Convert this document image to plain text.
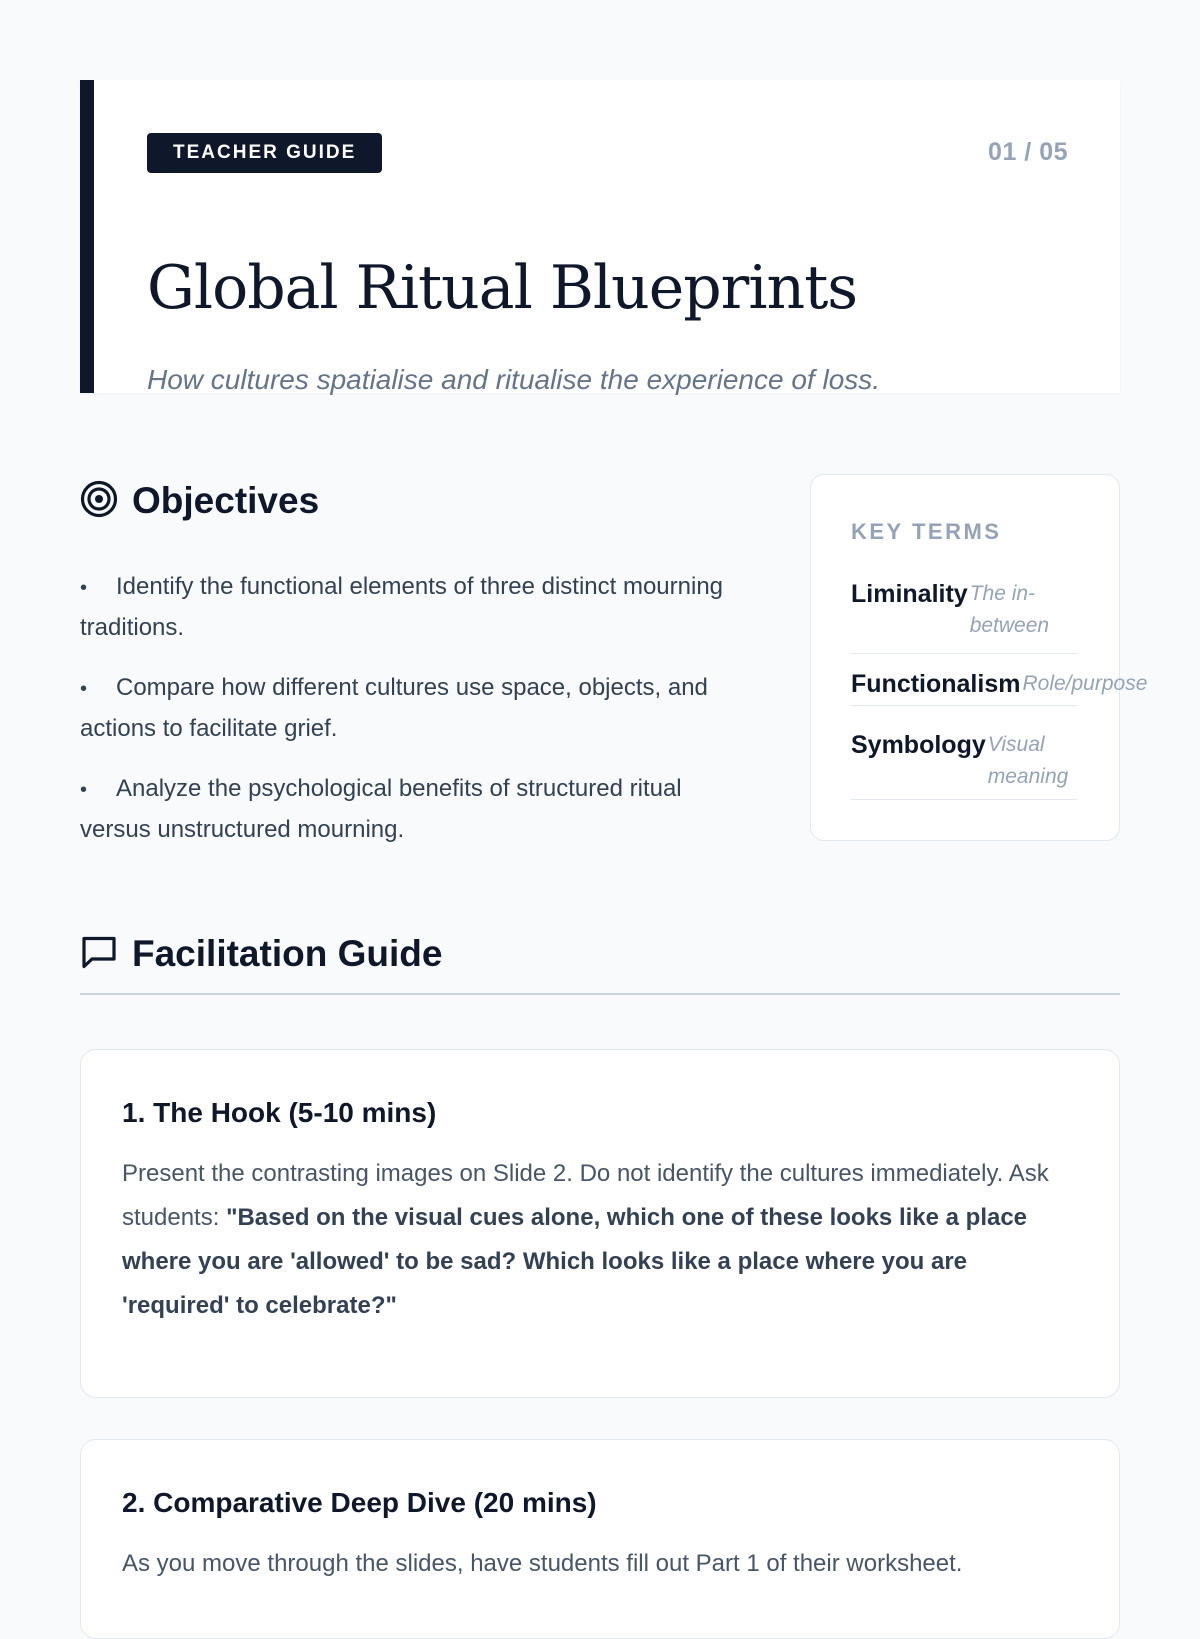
TEACHER GUIDE	01 / 05
Global Ritual Blueprints

How cultures spatialise and ritualise the experience of loss.

Objectives
•Identify the functional elements of three distinct mourning traditions.
•Compare how different cultures use space, objects, and actions to facilitate grief.
•Analyze the psychological benefits of structured ritual versus unstructured mourning.
KEY TERMS
Liminality The in-between
Functionalism Role/purpose
Symbology Visual meaning
Facilitation Guide
1. The Hook (5-10 mins)

Present the contrasting images on Slide 2. Do not identify the cultures immediately. Ask students: "Based on the visual cues alone, which one of these looks like a place where you are 'allowed' to be sad? Which looks like a place where you are 'required' to celebrate?"

2. Comparative Deep Dive (20 mins)

As you move through the slides, have students fill out Part 1 of their worksheet.
